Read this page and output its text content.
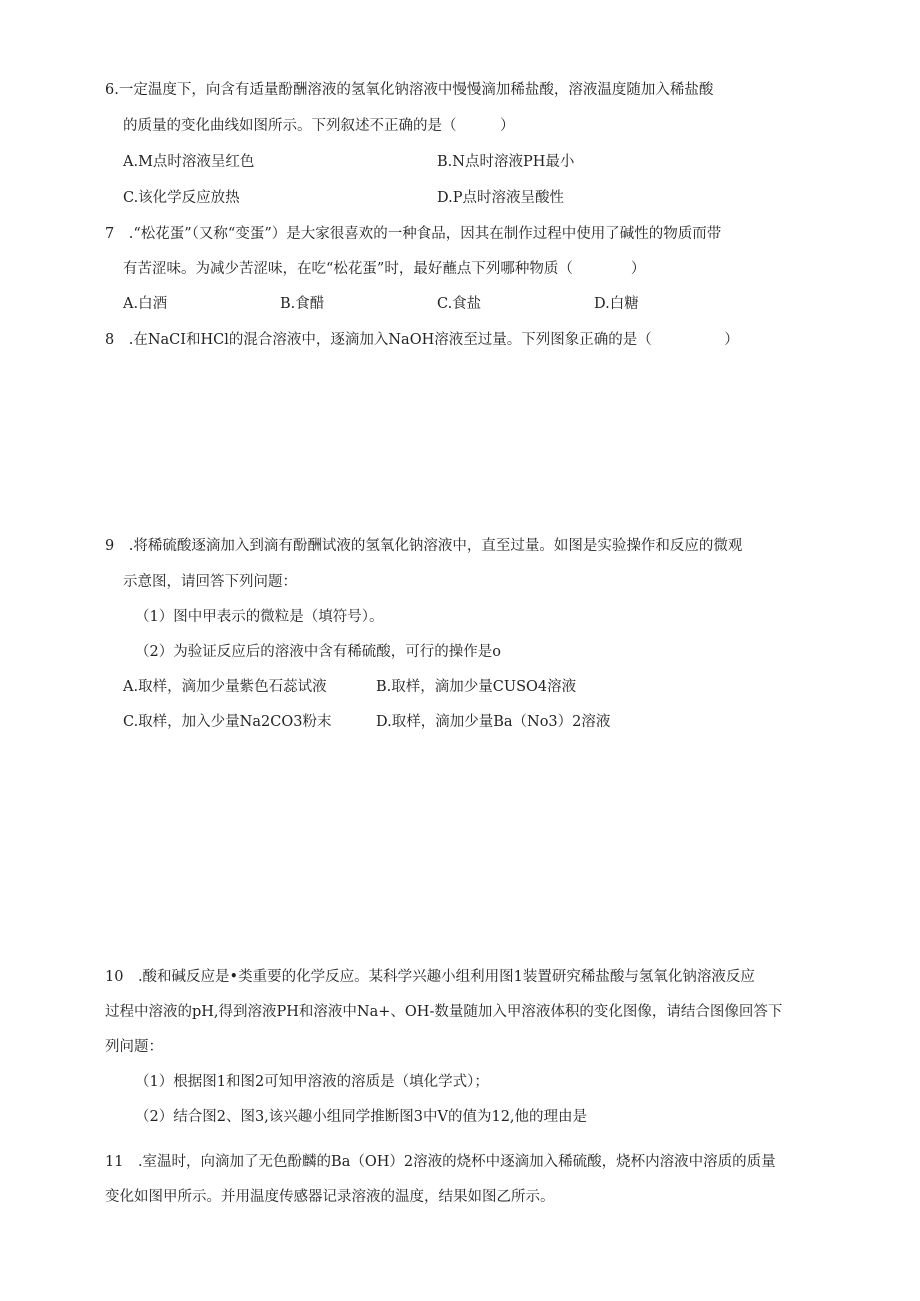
6.一定温度下，向含有适量酚酬溶液的氢氧化钠溶液中慢慢滴加稀盐酸，溶液温度随加入稀盐酸
的质量的变化曲线如图所示。下列叙述不正确的是（　　　）
A.M点时溶液呈红色	B.N点时溶液PH最小
C.该化学反应放热	D.P点时溶液呈酸性
7　.“松花蛋”（又称“变蛋”）是大家很喜欢的一种食品，因其在制作过程中使用了碱性的物质而带
有苦涩味。为减少苦涩味，在吃“松花蛋”时，最好蘸点下列哪种物质（　　　　）
A.白酒	B.食醋	C.食盐	D.白糖
8　.在NaCI和HCl的混合溶液中，逐滴加入NaOH溶液至过量。下列图象正确的是（　　　　　）
9　.将稀硫酸逐滴加入到滴有酚酬试液的氢氧化钠溶液中，直至过量。如图是实验操作和反应的微观
示意图，请回答下列问题：
（1）图中甲表示的微粒是（填符号）。
（2）为验证反应后的溶液中含有稀硫酸，可行的操作是o
A.取样，滴加少量紫色石蕊试液	B.取样，滴加少量CUSO4溶液
C.取样，加入少量Na2CO3粉末	D.取样，滴加少量Ba（No3）2溶液
10　.酸和碱反应是•类重要的化学反应。某科学兴趣小组利用图1装置研究稀盐酸与氢氧化钠溶液反应
过程中溶液的pH,得到溶液PH和溶液中Na+、OH-数量随加入甲溶液体积的变化图像，请结合图像回答下
列问题：
（1）根据图1和图2可知甲溶液的溶质是（填化学式）；
（2）结合图2、图3,该兴趣小组同学推断图3中V的值为12,他的理由是
11　.室温时，向滴加了无色酚麟的Ba（OH）2溶液的烧杯中逐滴加入稀硫酸，烧杯内溶液中溶质的质量
变化如图甲所示。并用温度传感器记录溶液的温度，结果如图乙所示。
